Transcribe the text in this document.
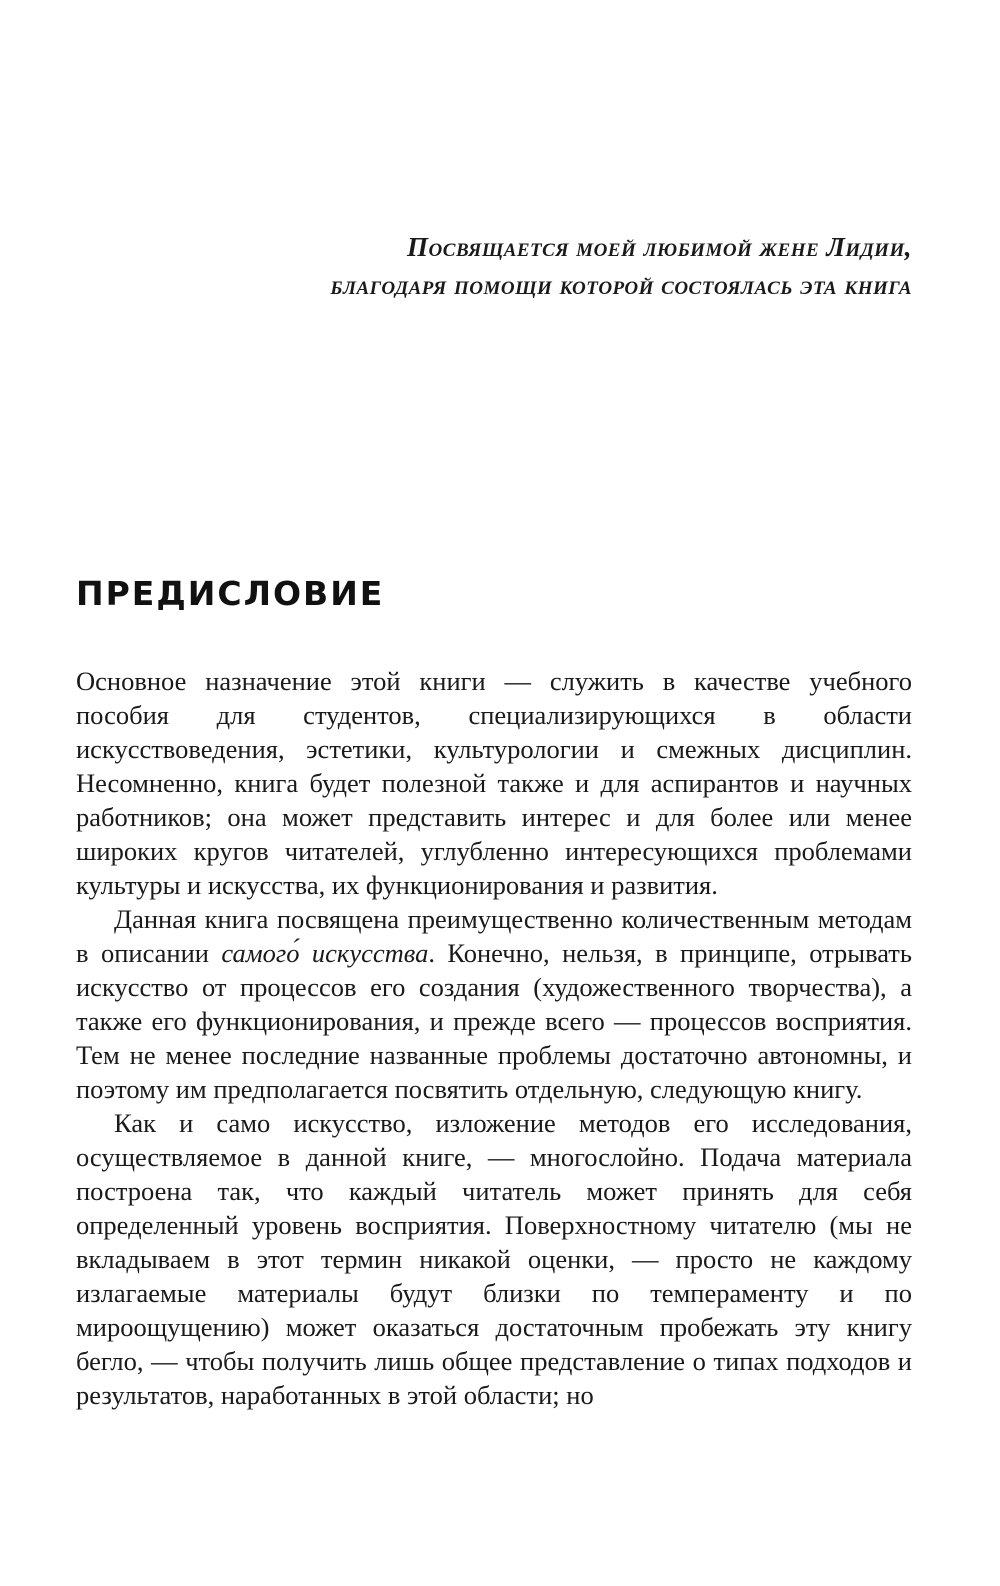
Посвящается моей любимой жене Лидии,
благодаря помощи которой состоялась эта книга
ПРЕДИСЛОВИЕ

Основное назначение этой книги — служить в качестве учебного пособия для студентов, специализирующихся в области искусствоведения, эстетики, культурологии и смежных дисциплин. Несомненно, книга будет полезной также и для аспирантов и научных работников; она может представить интерес и для более или менее широких кругов читателей, углубленно интересующихся проблемами культуры и искусства, их функционирования и развития.

Данная книга посвящена преимущественно количественным методам в описании самого́ искусства. Конечно, нельзя, в принципе, отрывать искусство от процессов его создания (художественного творчества), а также его функционирования, и прежде всего — процессов восприятия. Тем не менее последние названные проблемы достаточно автономны, и поэтому им предполагается посвятить отдельную, следующую книгу.

Как и само искусство, изложение методов его исследования, осуществляемое в данной книге, — многослойно. Подача материала построена так, что каждый читатель может принять для себя определенный уровень восприятия. Поверхностному читателю (мы не вкладываем в этот термин никакой оценки, — просто не каждому излагаемые материалы будут близки по темпераменту и по мироощущению) может оказаться достаточным пробежать эту книгу бегло, — чтобы получить лишь общее представление о типах подходов и результатов, наработанных в этой области; но
